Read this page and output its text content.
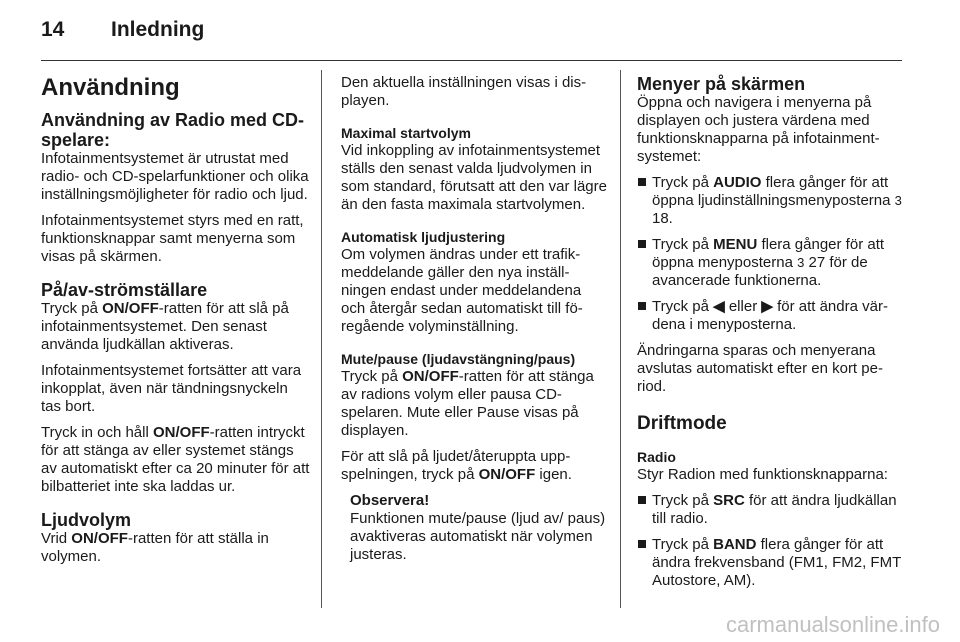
14 Inledning
Användning
Användning av Radio med CD-spelare:

Infotainmentsystemet är utrustat med radio- och CD-spelarfunktioner och olika inställningsmöjligheter för radio och ljud.

Infotainmentsystemet styrs med en ratt, funktionsknappar samt menyerna som visas på skärmen.

På/av-strömställare

Tryck på ON/OFF-ratten för att slå på infotainmentsystemet. Den senast använda ljudkällan aktiveras.

Infotainmentsystemet fortsätter att vara inkopplat, även när tändningsnyckeln tas bort.

Tryck in och håll ON/OFF-ratten intryckt för att stänga av eller systemet stängs av automatiskt efter ca 20 minuter för att bilbatteriet inte ska laddas ur.

Ljudvolym

Vrid ON/OFF-ratten för att ställa in volymen.

Den aktuella inställningen visas i displayen.

Maximal startvolym

Vid inkoppling av infotainmentsystemet ställs den senast valda ljudvolymen in som standard, förutsatt att den var lägre än den fasta maximala startvolymen.

Automatisk ljudjustering

Om volymen ändras under ett trafikmeddelande gäller den nya inställningen endast under meddelandena och återgår sedan automatiskt till föregående volyminställning.

Mute/pause (ljudavstängning/paus)

Tryck på ON/OFF-ratten för att stänga av radions volym eller pausa CD-spelaren. Mute eller Pause visas på displayen.

För att slå på ljudet/återuppta uppspelningen, tryck på ON/OFF igen.

Observera!
Funktionen mute/pause (ljud av/ paus) avaktiveras automatiskt när volymen justeras.
Menyer på skärmen

Öppna och navigera i menyerna på displayen och justera värdena med funktionsknapparna på infotainmentsystemet:

Tryck på AUDIO flera gånger för att öppna ljudinställningsmenyposterna 3 18.
Tryck på MENU flera gånger för att öppna menyposterna 3 27 för de avancerade funktionerna.
Tryck på ◀ eller ▶ för att ändra värdena i menyposterna.

Ändringarna sparas och menyerana avslutas automatiskt efter en kort period.

Driftmode
Radio

Styr Radion med funktionsknapparna:

Tryck på SRC för att ändra ljudkällan till radio.
Tryck på BAND flera gånger för att ändra frekvensband (FM1, FM2, FMT Autostore, AM).
carmanualsonline.info
